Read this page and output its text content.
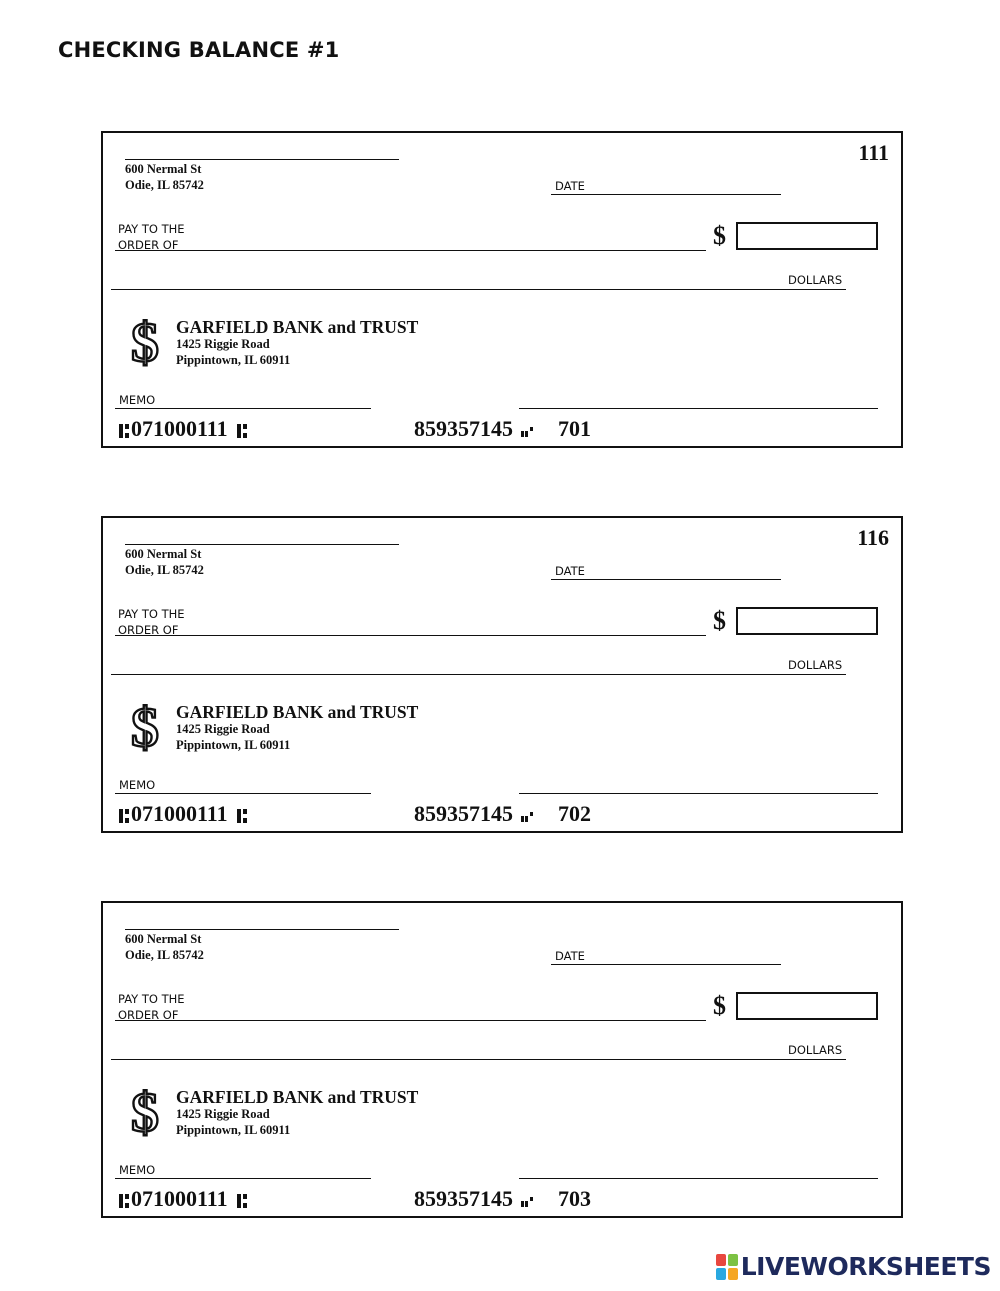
CHECKING BALANCE #1
600 Nermal St
Odie, IL 85742
111
DATE
PAY TO THE
ORDER OF	$
DOLLARS
$ GARFIELD BANK and TRUST
1425 Riggie Road
Pippintown, IL 60911
MEMO
071000111	859357145	701
600 Nermal St
Odie, IL 85742
116
DATE
PAY TO THE
ORDER OF	$
DOLLARS
$ GARFIELD BANK and TRUST
1425 Riggie Road
Pippintown, IL 60911
MEMO
071000111	859357145	702
600 Nermal St
Odie, IL 85742	DATE
PAY TO THE
ORDER OF	$
DOLLARS
$ GARFIELD BANK and TRUST
1425 Riggie Road
Pippintown, IL 60911
MEMO
071000111	859357145	703
LIVEWORKSHEETS
